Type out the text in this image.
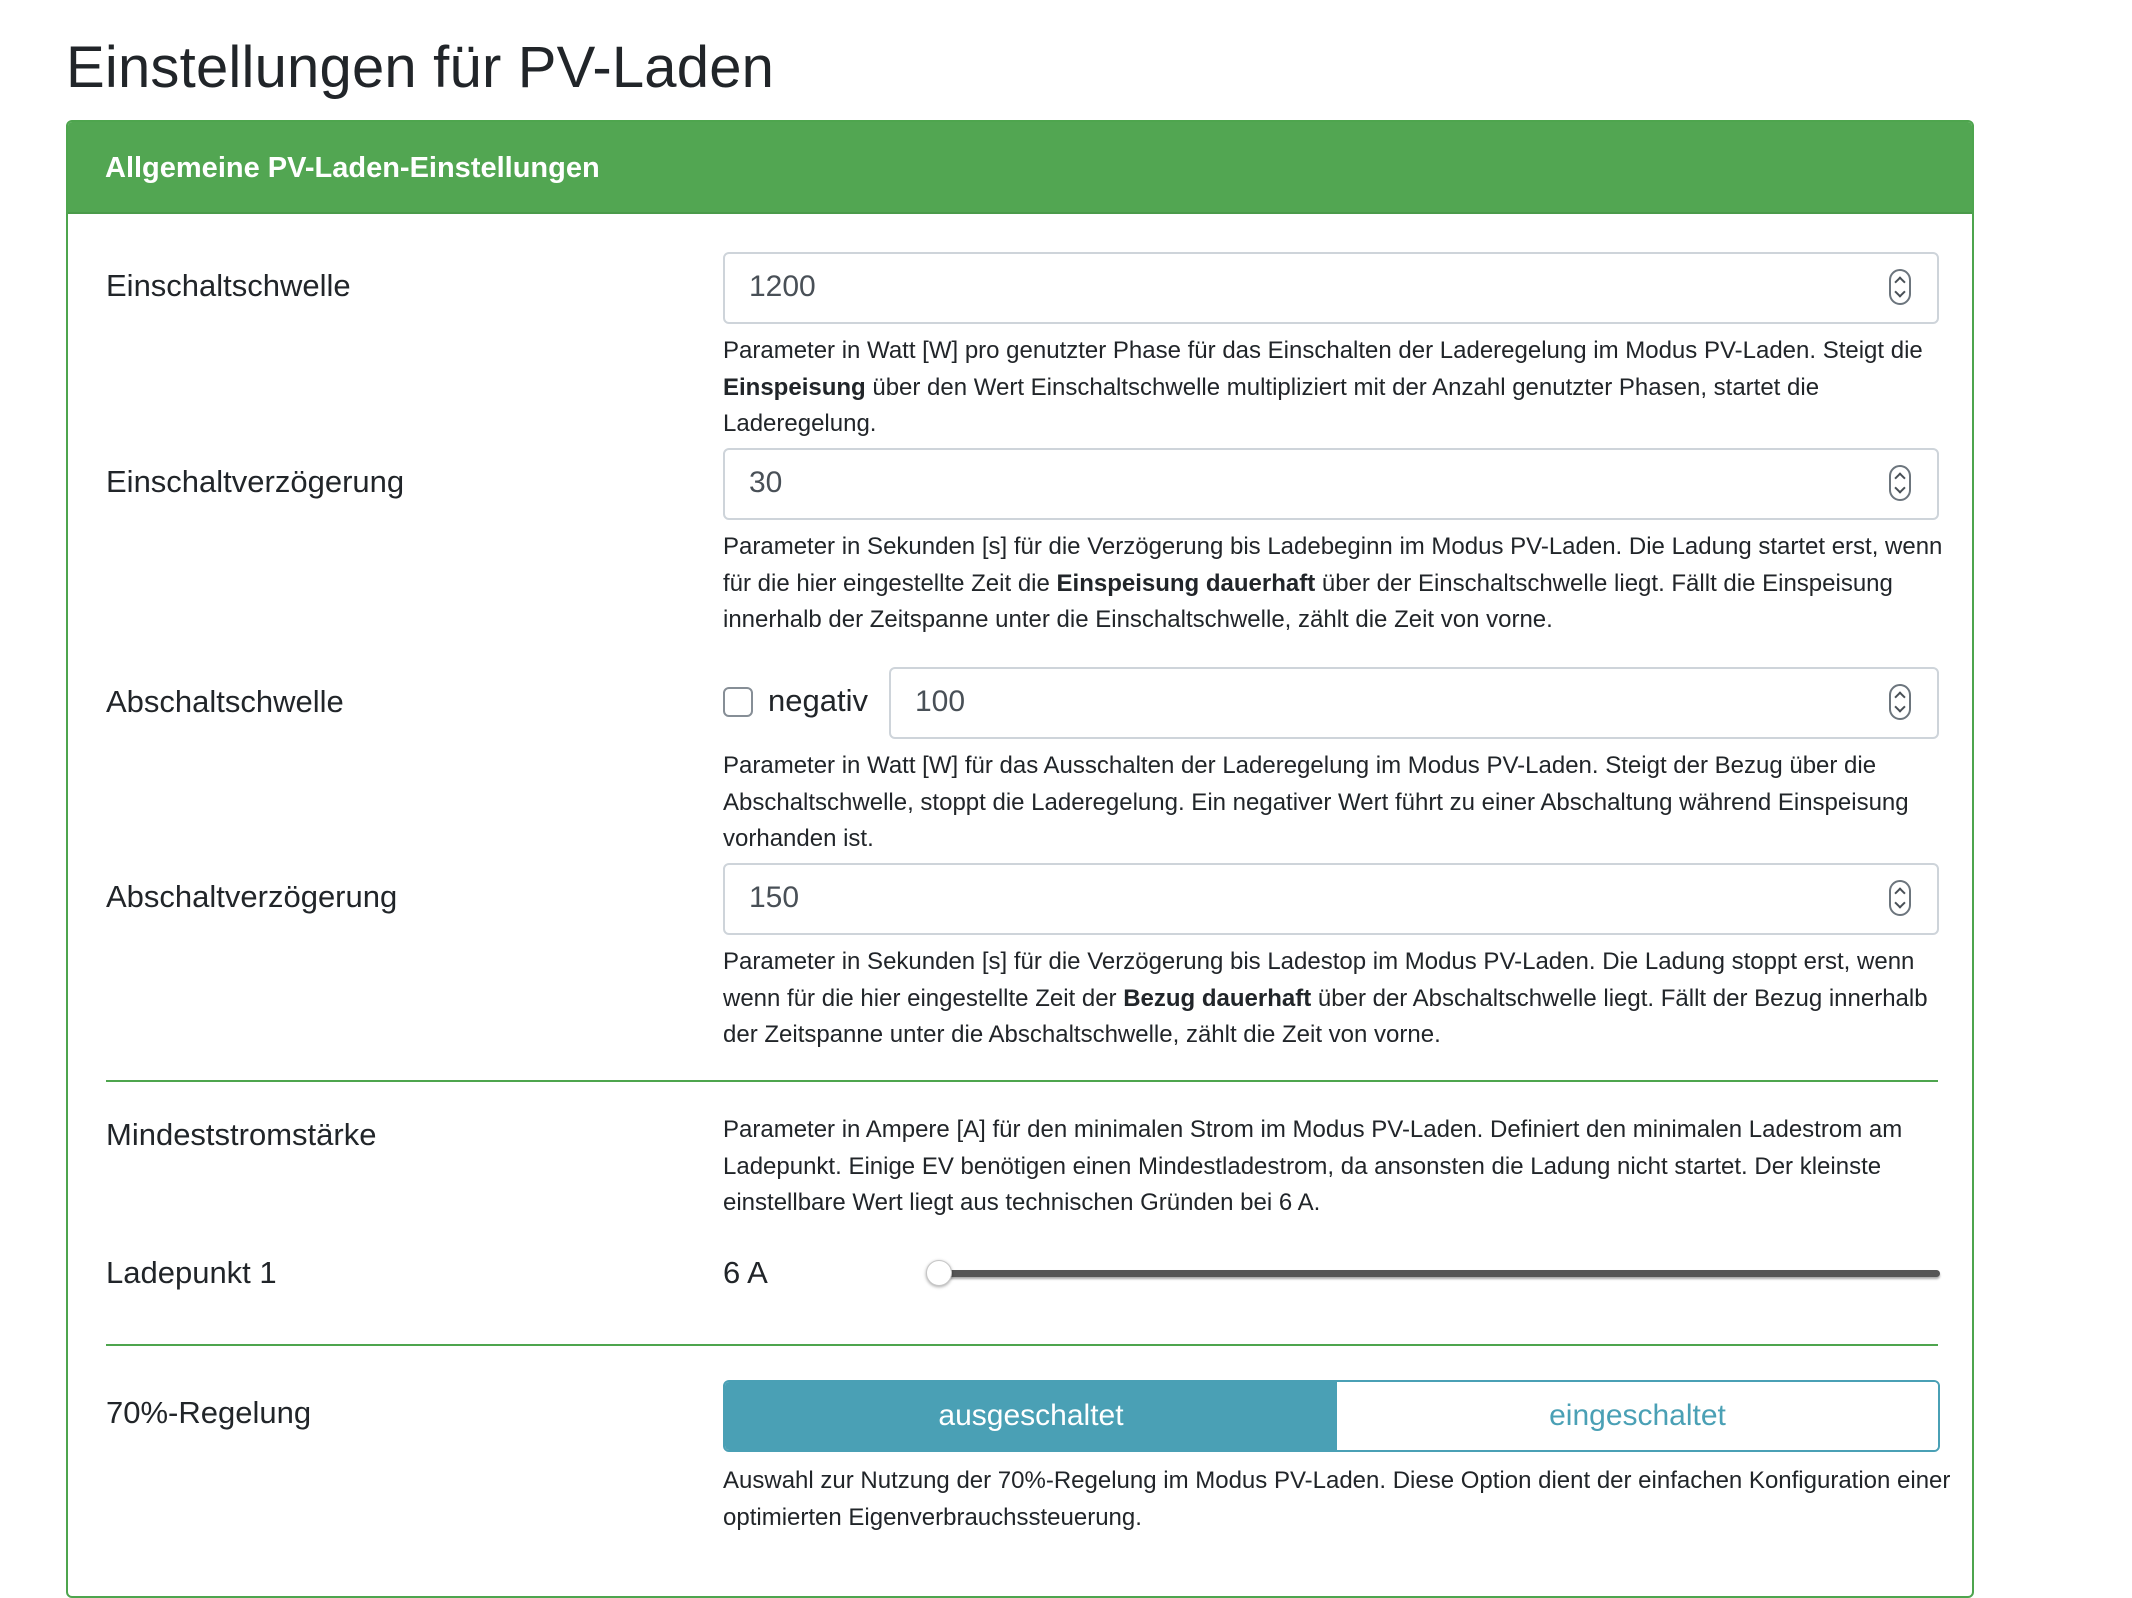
Einstellungen für PV-Laden
Allgemeine PV-Laden-Einstellungen
Einschaltschwelle	1200
Parameter in Watt [W] pro genutzter Phase für das Einschalten der Laderegelung im Modus PV-Laden. Steigt die Einspeisung über den Wert Einschaltschwelle multipliziert mit der Anzahl genutzter Phasen, startet die Laderegelung.
Einschaltverzögerung	30
Parameter in Sekunden [s] für die Verzögerung bis Ladebeginn im Modus PV-Laden. Die Ladung startet erst, wenn für die hier eingestellte Zeit die Einspeisung dauerhaft über der Einschaltschwelle liegt. Fällt die Einspeisung innerhalb der Zeitspanne unter die Einschaltschwelle, zählt die Zeit von vorne.
Abschaltschwelle	negativ 100
Parameter in Watt [W] für das Ausschalten der Laderegelung im Modus PV-Laden. Steigt der Bezug über die Abschaltschwelle, stoppt die Laderegelung. Ein negativer Wert führt zu einer Abschaltung während Einspeisung vorhanden ist.
Abschaltverzögerung	150
Parameter in Sekunden [s] für die Verzögerung bis Ladestop im Modus PV-Laden. Die Ladung stoppt erst, wenn wenn für die hier eingestellte Zeit der Bezug dauerhaft über der Abschaltschwelle liegt. Fällt der Bezug innerhalb der Zeitspanne unter die Abschaltschwelle, zählt die Zeit von vorne.
Mindeststromstärke	Parameter in Ampere [A] für den minimalen Strom im Modus PV-Laden. Definiert den minimalen Ladestrom am Ladepunkt. Einige EV benötigen einen Mindestladestrom, da ansonsten die Ladung nicht startet. Der kleinste einstellbare Wert liegt aus technischen Gründen bei 6 A.
Ladepunkt 1	6 A
70%-Regelung	ausgeschaltet	eingeschaltet
Auswahl zur Nutzung der 70%-Regelung im Modus PV-Laden. Diese Option dient der einfachen Konfiguration einer optimierten Eigenverbrauchssteuerung.
